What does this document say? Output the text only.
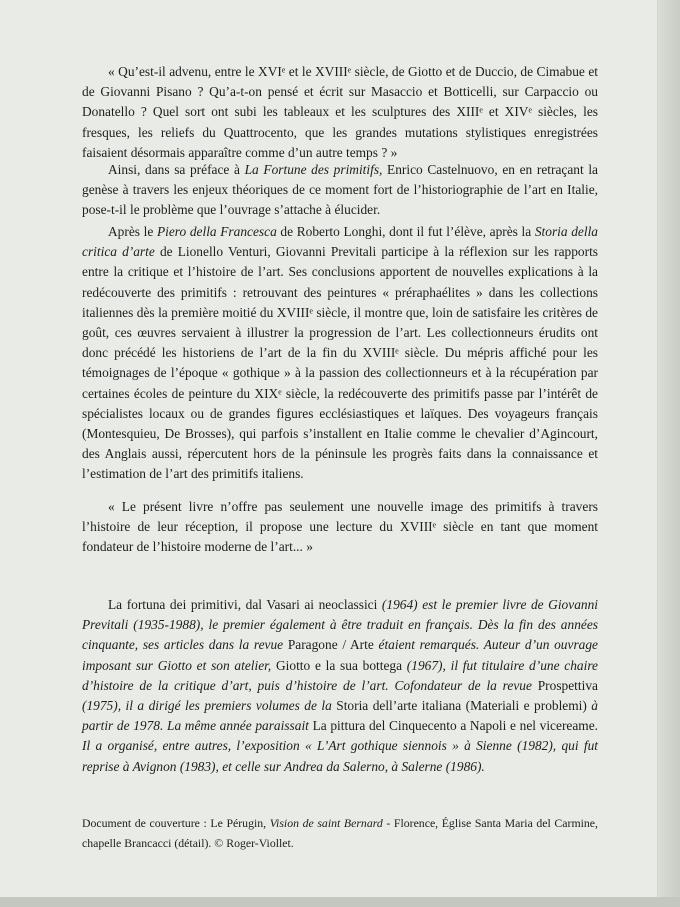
« Qu’est-il advenu, entre le XVIᵉ et le XVIIIᵉ siècle, de Giotto et de Duccio, de Cimabue et de Giovanni Pisano ? Qu’a-t-on pensé et écrit sur Masaccio et Botticelli, sur Carpaccio ou Donatello ? Quel sort ont subi les tableaux et les sculptures des XIIIᵉ et XIVᵉ siècles, les fresques, les reliefs du Quattrocento, que les grandes mutations stylistiques enregistrées faisaient désormais apparaître comme d’un autre temps ? »

Ainsi, dans sa préface à La Fortune des primitifs, Enrico Castelnuovo, en en retraçant la genèse à travers les enjeux théoriques de ce moment fort de l’historiographie de l’art en Italie, pose-t-il le problème que l’ouvrage s’attache à élucider.

Après le Piero della Francesca de Roberto Longhi, dont il fut l’élève, après la Storia della critica d’arte de Lionello Venturi, Giovanni Previtali participe à la réflexion sur les rapports entre la critique et l’histoire de l’art. Ses conclusions apportent de nouvelles explications à la redécouverte des primitifs : retrouvant des peintures « préraphaélites » dans les collections italiennes dès la première moitié du XVIIIᵉ siècle, il montre que, loin de satisfaire les critères de goût, ces œuvres servaient à illustrer la progression de l’art. Les collectionneurs érudits ont donc précédé les historiens de l’art de la fin du XVIIIᵉ siècle. Du mépris affiché pour les témoignages de l’époque « gothique » à la passion des collectionneurs et à la récupération par certaines écoles de peinture du XIXᵉ siècle, la redécouverte des primitifs passe par l’intérêt de spécialistes locaux ou de grandes figures ecclésiastiques et laïques. Des voyageurs français (Montesquieu, De Brosses), qui parfois s’installent en Italie comme le chevalier d’Agincourt, des Anglais aussi, répercutent hors de la péninsule les progrès faits dans la connaissance et l’estimation de l’art des primitifs italiens.

« Le présent livre n’offre pas seulement une nouvelle image des primitifs à travers l’histoire de leur réception, il propose une lecture du XVIIIᵉ siècle en tant que moment fondateur de l’histoire moderne de l’art... »

La fortuna dei primitivi, dal Vasari ai neoclassici (1964) est le premier livre de Giovanni Previtali (1935-1988), le premier également à être traduit en français. Dès la fin des années cinquante, ses articles dans la revue Paragone / Arte étaient remarqués. Auteur d’un ouvrage imposant sur Giotto et son atelier, Giotto e la sua bottega (1967), il fut titulaire d’une chaire d’histoire de la critique d’art, puis d’histoire de l’art. Cofondateur de la revue Prospettiva (1975), il a dirigé les premiers volumes de la Storia dell’arte italiana (Materiali e problemi) à partir de 1978. La même année paraissait La pittura del Cinquecento a Napoli e nel vicereame. Il a organisé, entre autres, l’exposition « L’Art gothique siennois » à Sienne (1982), qui fut reprise à Avignon (1983), et celle sur Andrea da Salerno, à Salerne (1986).

Document de couverture : Le Pérugin, Vision de saint Bernard - Florence, Église Santa Maria del Carmine, chapelle Brancacci (détail). © Roger-Viollet.
